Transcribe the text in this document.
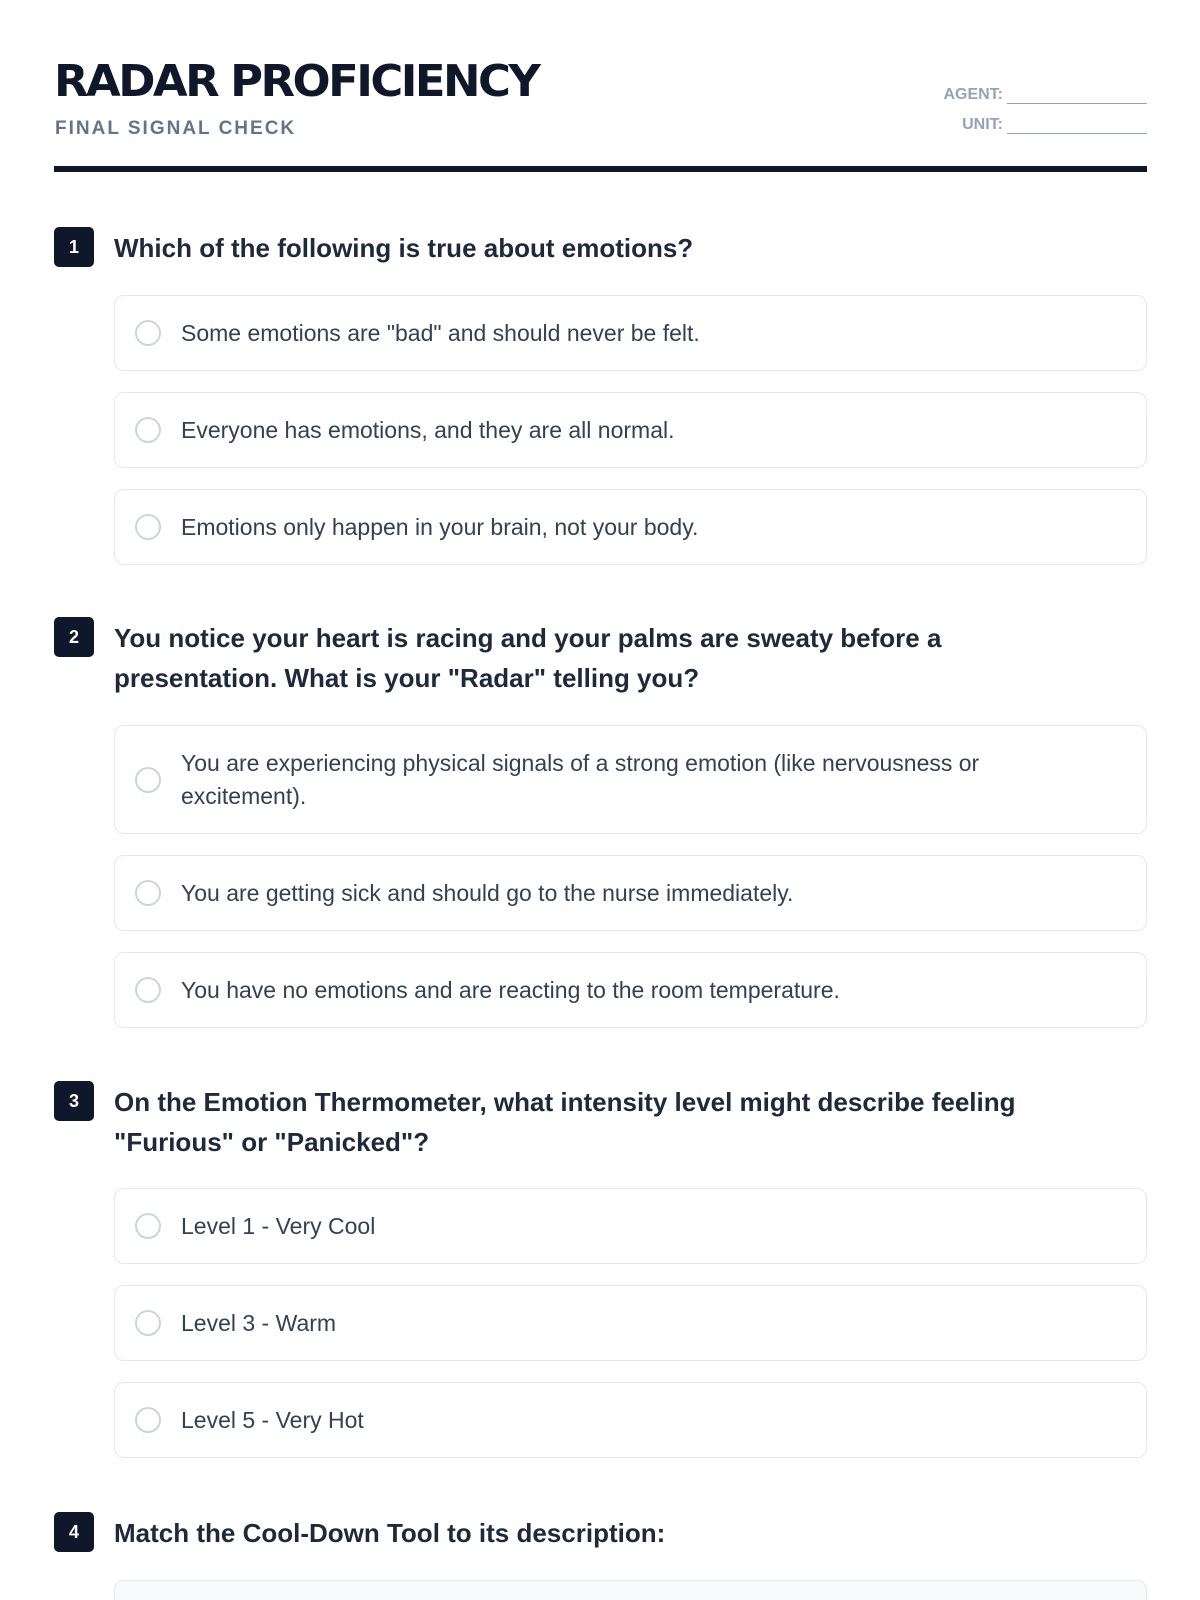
RADAR PROFICIENCY
FINAL SIGNAL CHECK
AGENT:
UNIT:
1	Which of the following is true about emotions?
Some emotions are "bad" and should never be felt.
Everyone has emotions, and they are all normal.
Emotions only happen in your brain, not your body.
2	You notice your heart is racing and your palms are sweaty before a presentation. What is your "Radar" telling you?
You are experiencing physical signals of a strong emotion (like nervousness or excitement).
You are getting sick and should go to the nurse immediately.
You have no emotions and are reacting to the room temperature.
3	On the Emotion Thermometer, what intensity level might describe feeling "Furious" or "Panicked"?
Level 1 - Very Cool
Level 3 - Warm
Level 5 - Very Hot
4	Match the Cool-Down Tool to its description:
